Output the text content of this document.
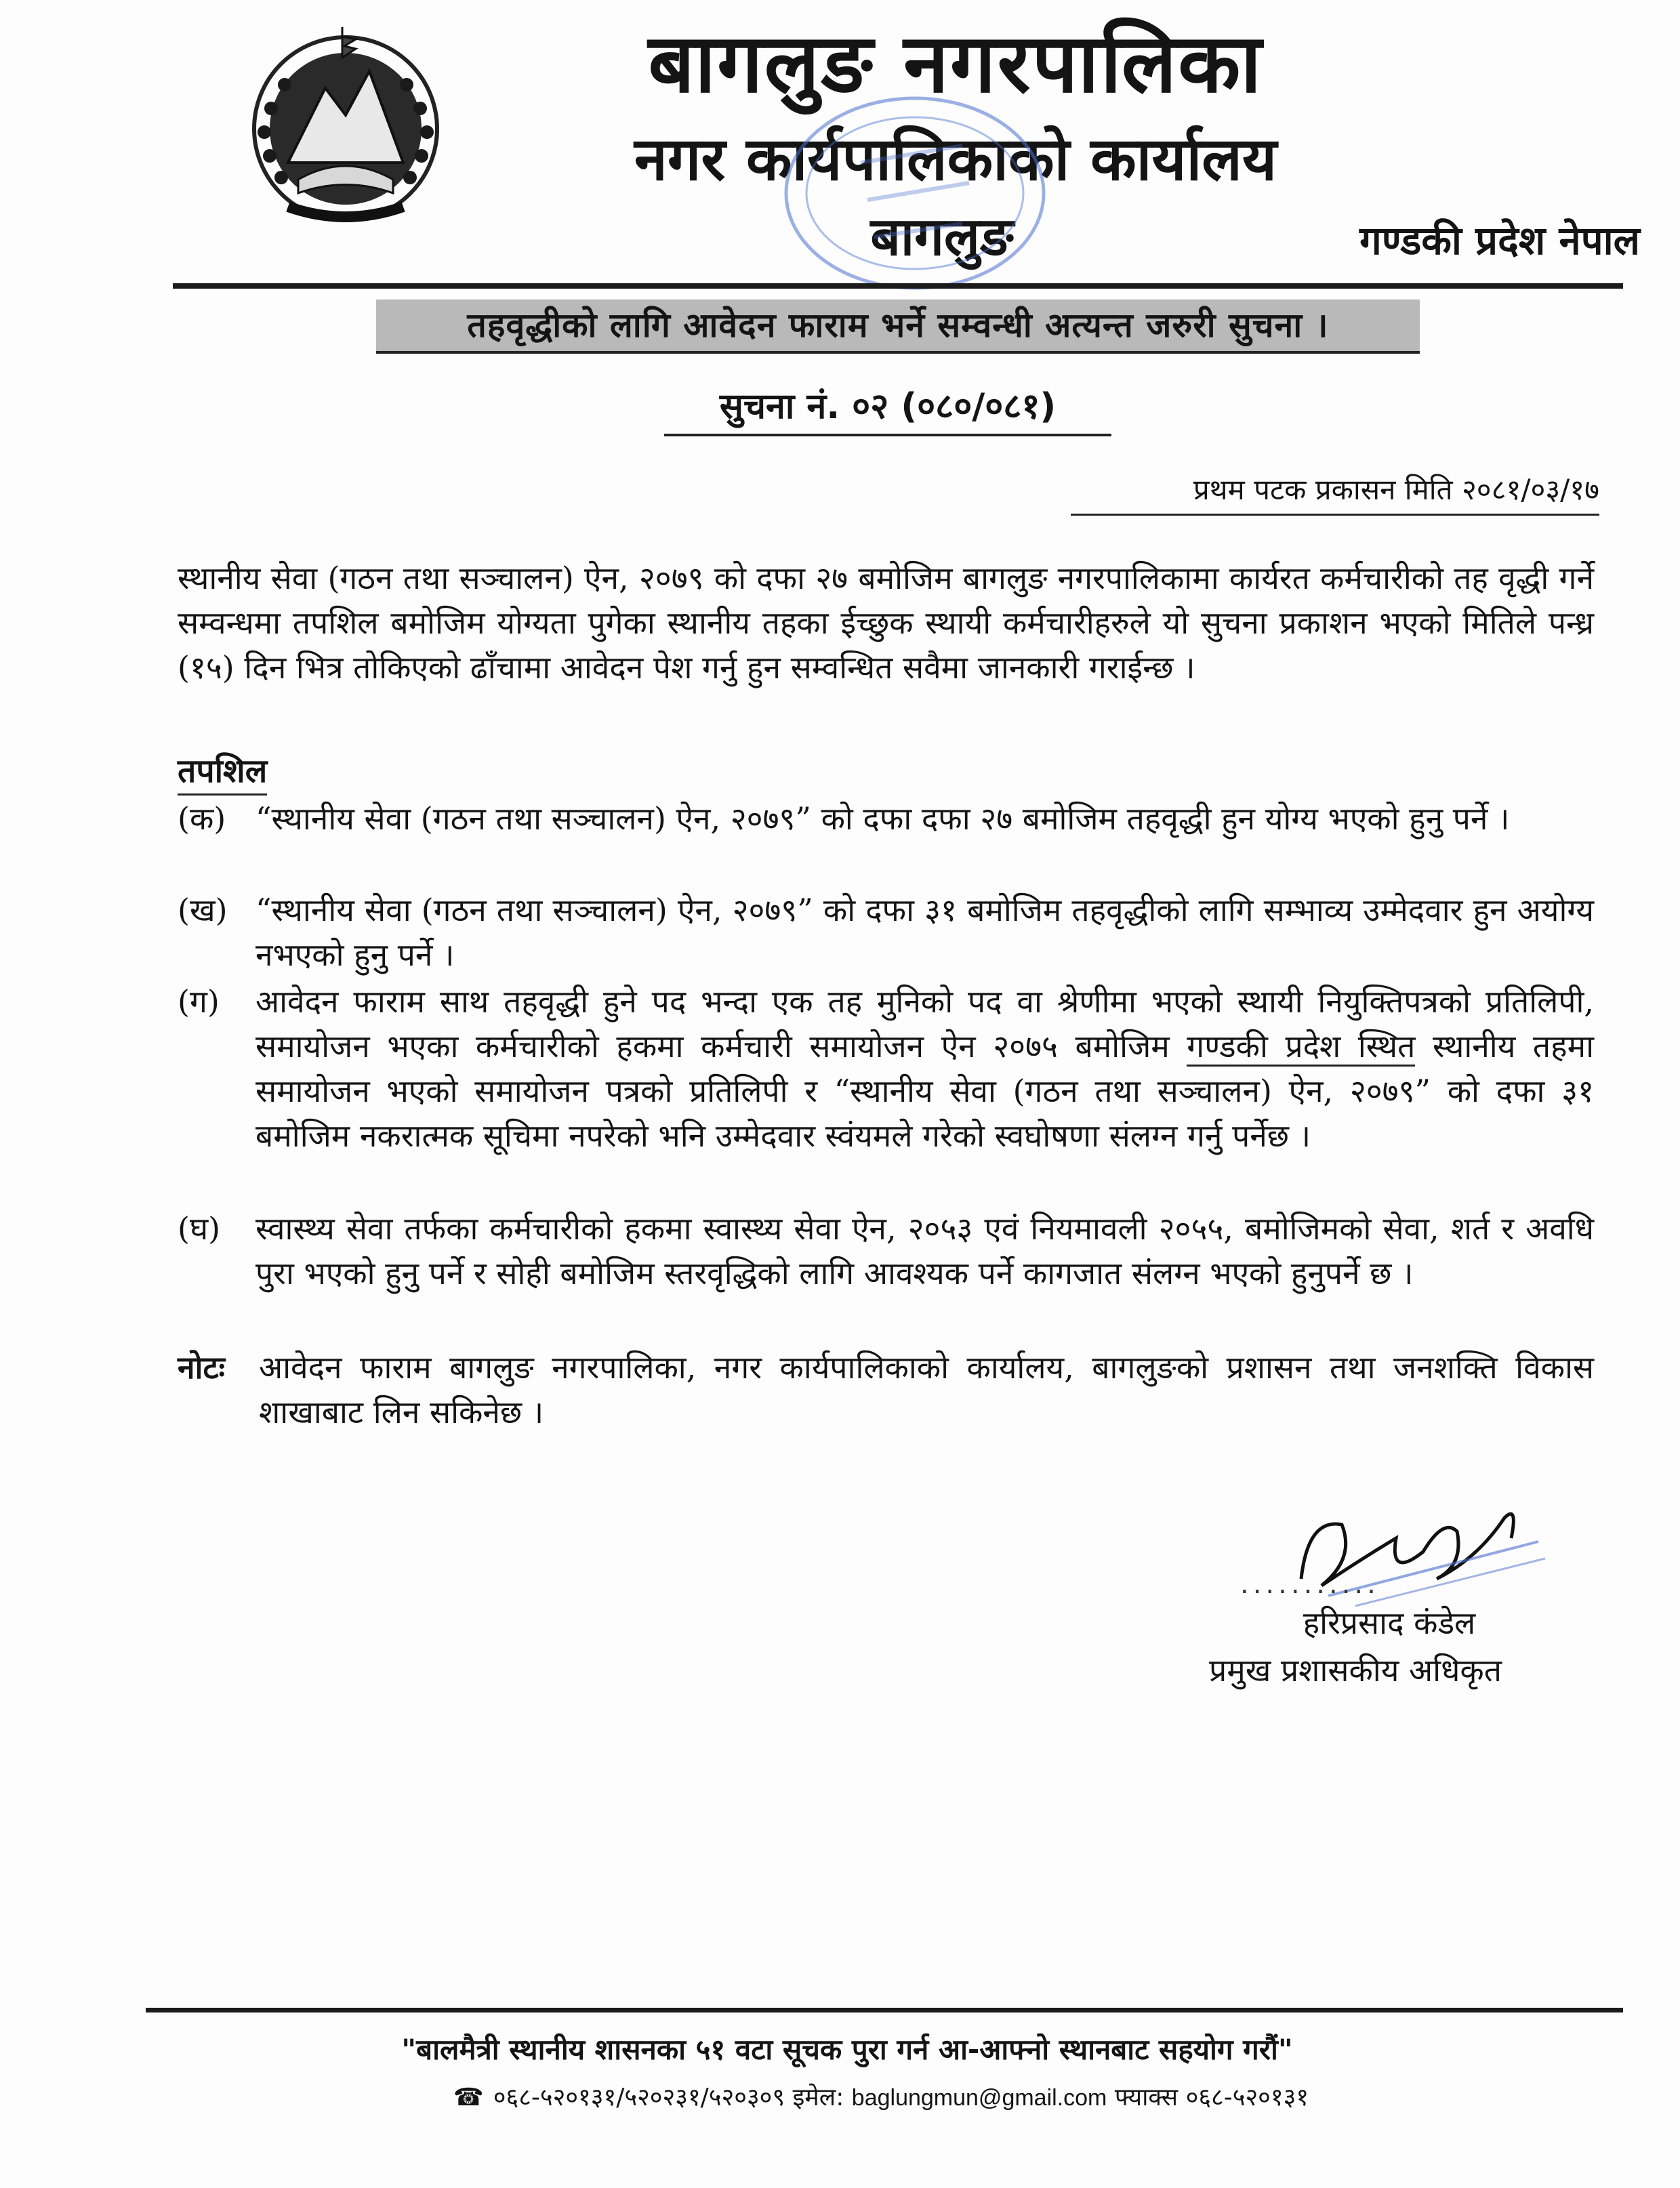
बागलुङ नगरपालिका
नगर कार्यपालिकाको कार्यालय
बागलुङ	गण्डकी प्रदेश नेपाल
तहवृद्धीको लागि आवेदन फाराम भर्ने सम्वन्धी अत्यन्त जरुरी सुचना ।
सुचना नं. ०२ (०८०/०८१)
प्रथम पटक प्रकासन मिति २०८१/०३/१७
स्थानीय सेवा (गठन तथा सञ्चालन) ऐन, २०७९ को दफा २७ बमोजिम बागलुङ नगरपालिकामा कार्यरत कर्मचारीको तह वृद्धी गर्ने सम्वन्धमा तपशिल बमोजिम योग्यता पुगेका स्थानीय तहका ईच्छुक स्थायी कर्मचारीहरुले यो सुचना प्रकाशन भएको मितिले पन्ध्र (१५) दिन भित्र तोकिएको ढाँचामा आवेदन पेश गर्नु हुन सम्वन्धित सवैमा जानकारी गराईन्छ ।
तपशिल
(क) “स्थानीय सेवा (गठन तथा सञ्चालन) ऐन, २०७९” को दफा दफा २७ बमोजिम तहवृद्धी हुन योग्य भएको हुनु पर्ने ।
(ख) “स्थानीय सेवा (गठन तथा सञ्चालन) ऐन, २०७९” को दफा ३१ बमोजिम तहवृद्धीको लागि सम्भाव्य उम्मेदवार हुन अयोग्य नभएको हुनु पर्ने ।
(ग)	आवेदन फाराम साथ तहवृद्धी हुने पद भन्दा एक तह मुनिको पद वा श्रेणीमा भएको स्थायी नियुक्तिपत्रको प्रतिलिपी, समायोजन भएका कर्मचारीको हकमा कर्मचारी समायोजन ऐन २०७५ बमोजिम गण्डकी प्रदेश स्थित स्थानीय तहमा समायोजन भएको समायोजन पत्रको प्रतिलिपी र “स्थानीय सेवा (गठन तथा सञ्चालन) ऐन, २०७९” को दफा ३१ बमोजिम नकरात्मक सूचिमा नपरेको भनि उम्मेदवार स्वंयमले गरेको स्वघोषणा संलग्न गर्नु पर्नेछ ।
(घ)	स्वास्थ्य सेवा तर्फका कर्मचारीको हकमा स्वास्थ्य सेवा ऐन, २०५३ एवं नियमावली २०५५, बमोजिमको सेवा, शर्त र अवधि पुरा भएको हुनु पर्ने र सोही बमोजिम स्तरवृद्धिको लागि आवश्यक पर्ने कागजात संलग्न भएको हुनुपर्ने छ ।
नोटः आवेदन फाराम बागलुङ नगरपालिका, नगर कार्यपालिकाको कार्यालय, बागलुङको प्रशासन तथा जनशक्ति विकास शाखाबाट लिन सकिनेछ ।
...........
हरिप्रसाद कंडेल
प्रमुख प्रशासकीय अधिकृत
"बालमैत्री स्थानीय शासनका ५१ वटा सूचक पुरा गर्न आ-आफ्नो स्थानबाट सहयोग गरौं"
☎ ०६८-५२०१३१/५२०२३१/५२०३०९ इमेल: baglungmun@gmail.com फ्याक्स ०६८-५२०१३१
